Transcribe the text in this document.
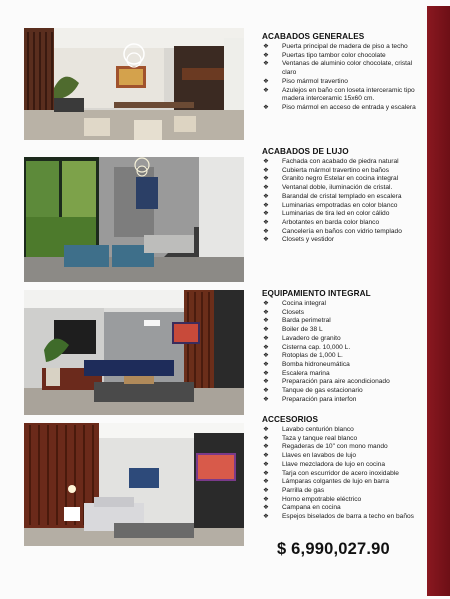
ACABADOS GENERALES
❖ Puerta principal de madera de piso a techo
❖ Puertas tipo tambor color chocolate
❖ Ventanas de aluminio color chocolate, cristal claro
❖ Piso mármol travertino
❖ Azulejos en baño con loseta interceramic tipo madera interceramic 15x60 cm.
❖ Piso mármol en acceso de entrada y escalera
ACABADOS DE LUJO
❖ Fachada con acabado de piedra natural
❖ Cubierta mármol travertino en baños
❖ Granito negro Estelar en cocina integral
❖ Ventanal doble, iluminación de cristal.
❖ Barandal de cristal templado en escalera
❖ Luminarias empotradas en color blanco
❖ Luminarias de tira led en color cálido
❖ Arbotantes en barda color blanco
❖ Cancelería en baños con vidrio templado
❖ Closets y vestidor
EQUIPAMIENTO INTEGRAL
❖ Cocina integral
❖ Closets
❖ Barda perimetral
❖ Boiler de 38 L
❖ Lavadero de granito
❖ Cisterna cap. 10,000 L.
❖ Rotoplas de 1,000 L.
❖ Bomba hidroneumática
❖ Escalera marina
❖ Preparación para aire acondicionado
❖ Tanque de gas estacionario
❖ Preparación para interfon
ACCESORIOS
❖ Lavabo centurión blanco
❖ Taza y tanque real blanco
❖ Regaderas de 10" con mono mando
❖ Llaves en lavabos de lujo
❖ Llave mezcladora de lujo en cocina
❖ Tarja con escurridor de acero inoxidable
❖ Lámparas colgantes de lujo en barra
❖ Parrilla de gas
❖ Horno empotrable eléctrico
❖ Campana en cocina
❖ Espejos biselados de barra a techo en baños
$ 6,990,027.90
